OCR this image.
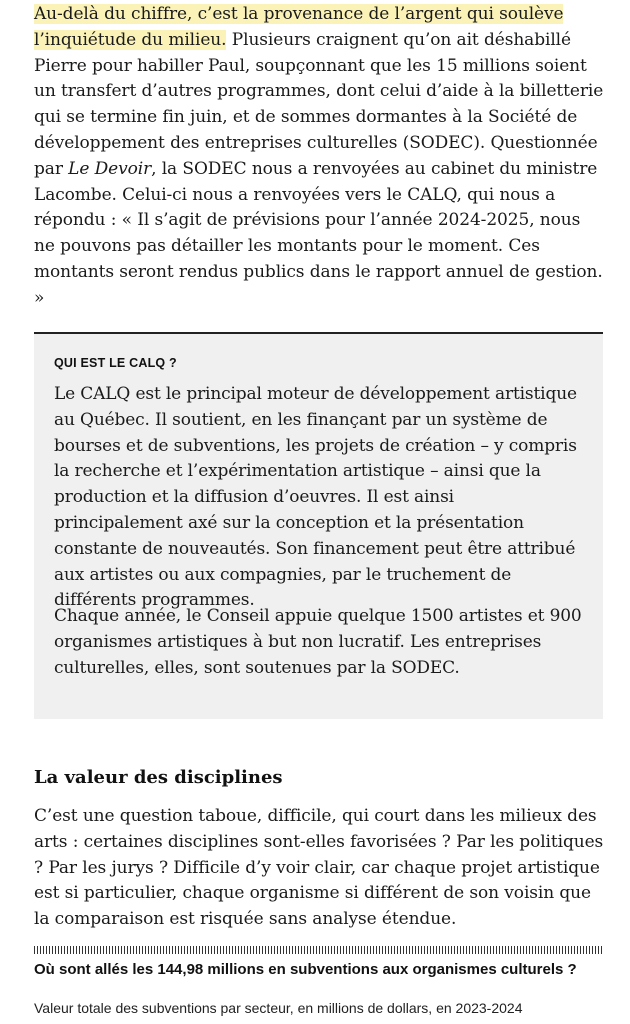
Au-delà du chiffre, c’est la provenance de l’argent qui soulève l’inquiétude du milieu. Plusieurs craignent qu’on ait déshabillé Pierre pour habiller Paul, soupçonnant que les 15 millions soient un transfert d’autres programmes, dont celui d’aide à la billetterie qui se termine fin juin, et de sommes dormantes à la Société de développement des entreprises culturelles (SODEC). Questionnée par Le Devoir, la SODEC nous a renvoyées au cabinet du ministre Lacombe. Celui-ci nous a renvoyées vers le CALQ, qui nous a répondu : « Il s’agit de prévisions pour l’année 2024-2025, nous ne pouvons pas détailler les montants pour le moment. Ces montants seront rendus publics dans le rapport annuel de gestion. »

QUI EST LE CALQ ?

Le CALQ est le principal moteur de développement artistique au Québec. Il soutient, en les finançant par un système de bourses et de subventions, les projets de création – y compris la recherche et l’expérimentation artistique – ainsi que la production et la diffusion d’oeuvres. Il est ainsi principalement axé sur la conception et la présentation constante de nouveautés. Son financement peut être attribué aux artistes ou aux compagnies, par le truchement de différents programmes.

Chaque année, le Conseil appuie quelque 1500 artistes et 900 organismes artistiques à but non lucratif. Les entreprises culturelles, elles, sont soutenues par la SODEC.

La valeur des disciplines

C’est une question taboue, difficile, qui court dans les milieux des arts : certaines disciplines sont-elles favorisées ? Par les politiques ? Par les jurys ? Difficile d’y voir clair, car chaque projet artistique est si particulier, chaque organisme si différent de son voisin que la comparaison est risquée sans analyse étendue.

Où sont allés les 144,98 millions en subventions aux organismes culturels ?

Valeur totale des subventions par secteur, en millions de dollars, en 2023-2024
